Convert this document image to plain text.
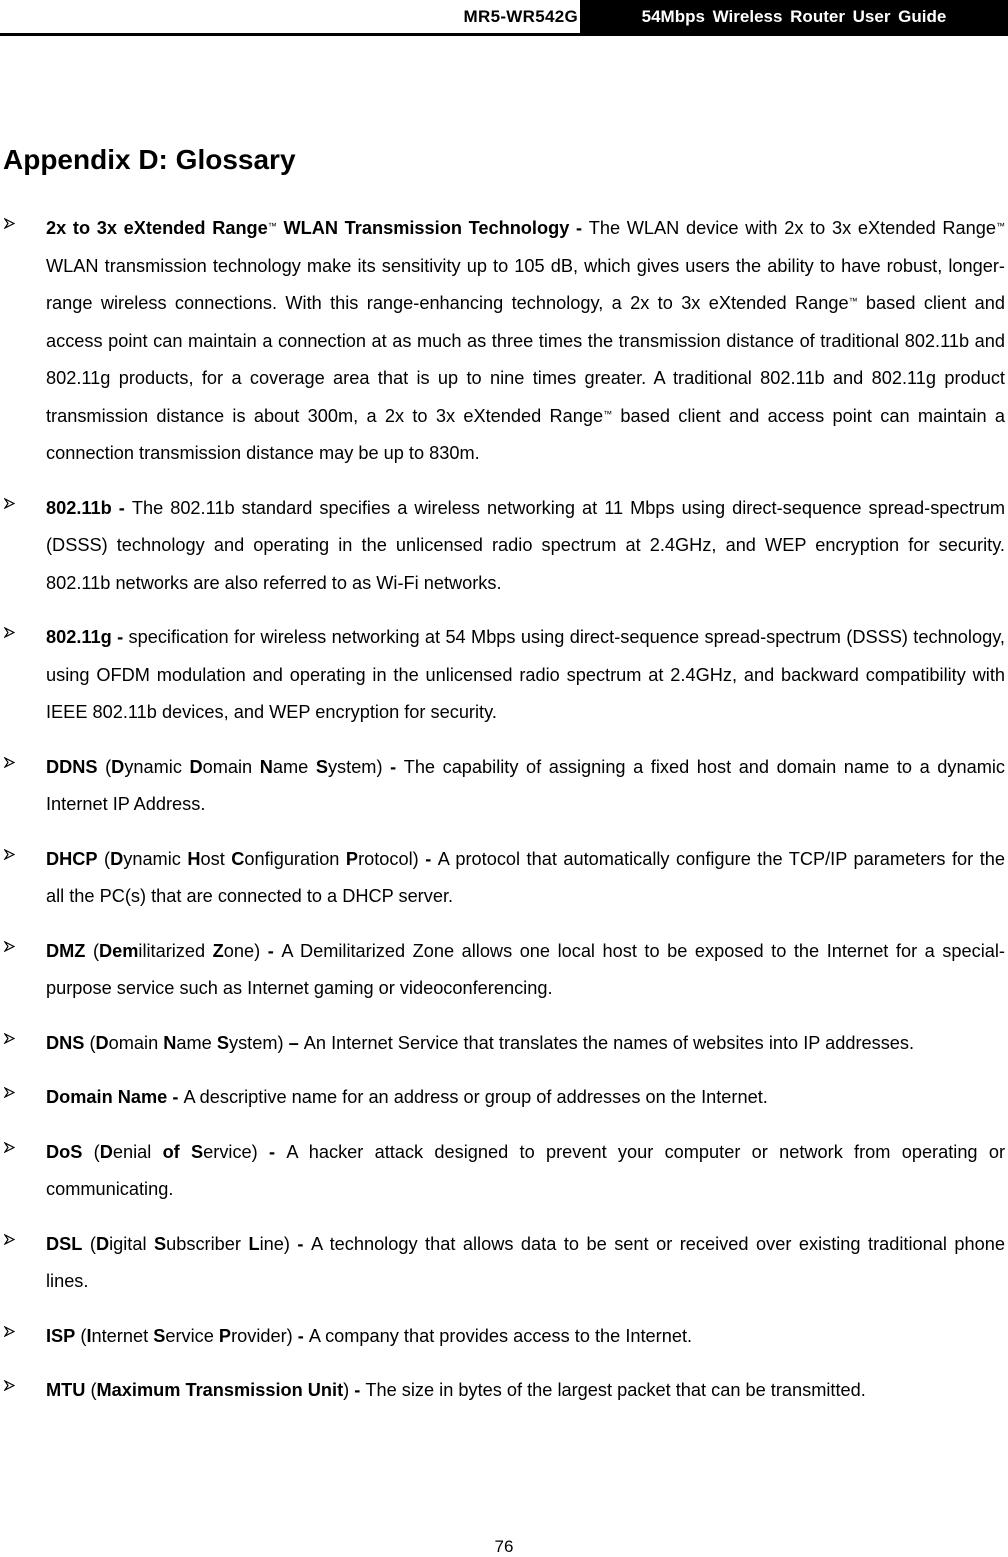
MR5-WR542G	54Mbps Wireless Router User Guide
Appendix D: Glossary
2x to 3x eXtended Range™ WLAN Transmission Technology - The WLAN device with 2x to 3x eXtended Range™ WLAN transmission technology make its sensitivity up to 105 dB, which gives users the ability to have robust, longer-range wireless connections. With this range-enhancing technology, a 2x to 3x eXtended Range™ based client and access point can maintain a connection at as much as three times the transmission distance of traditional 802.11b and 802.11g products, for a coverage area that is up to nine times greater. A traditional 802.11b and 802.11g product transmission distance is about 300m, a 2x to 3x eXtended Range™ based client and access point can maintain a connection transmission distance may be up to 830m.
802.11b - The 802.11b standard specifies a wireless networking at 11 Mbps using direct-sequence spread-spectrum (DSSS) technology and operating in the unlicensed radio spectrum at 2.4GHz, and WEP encryption for security. 802.11b networks are also referred to as Wi-Fi networks.
802.11g - specification for wireless networking at 54 Mbps using direct-sequence spread-spectrum (DSSS) technology, using OFDM modulation and operating in the unlicensed radio spectrum at 2.4GHz, and backward compatibility with IEEE 802.11b devices, and WEP encryption for security.
DDNS (Dynamic Domain Name System) - The capability of assigning a fixed host and domain name to a dynamic Internet IP Address.
DHCP (Dynamic Host Configuration Protocol) - A protocol that automatically configure the TCP/IP parameters for the all the PC(s) that are connected to a DHCP server.
DMZ (Demilitarized Zone) - A Demilitarized Zone allows one local host to be exposed to the Internet for a special-purpose service such as Internet gaming or videoconferencing.
DNS (Domain Name System) – An Internet Service that translates the names of websites into IP addresses.
Domain Name - A descriptive name for an address or group of addresses on the Internet.
DoS (Denial of Service) - A hacker attack designed to prevent your computer or network from operating or communicating.
DSL (Digital Subscriber Line) - A technology that allows data to be sent or received over existing traditional phone lines.
ISP (Internet Service Provider) - A company that provides access to the Internet.
MTU (Maximum Transmission Unit) - The size in bytes of the largest packet that can be transmitted.
76
